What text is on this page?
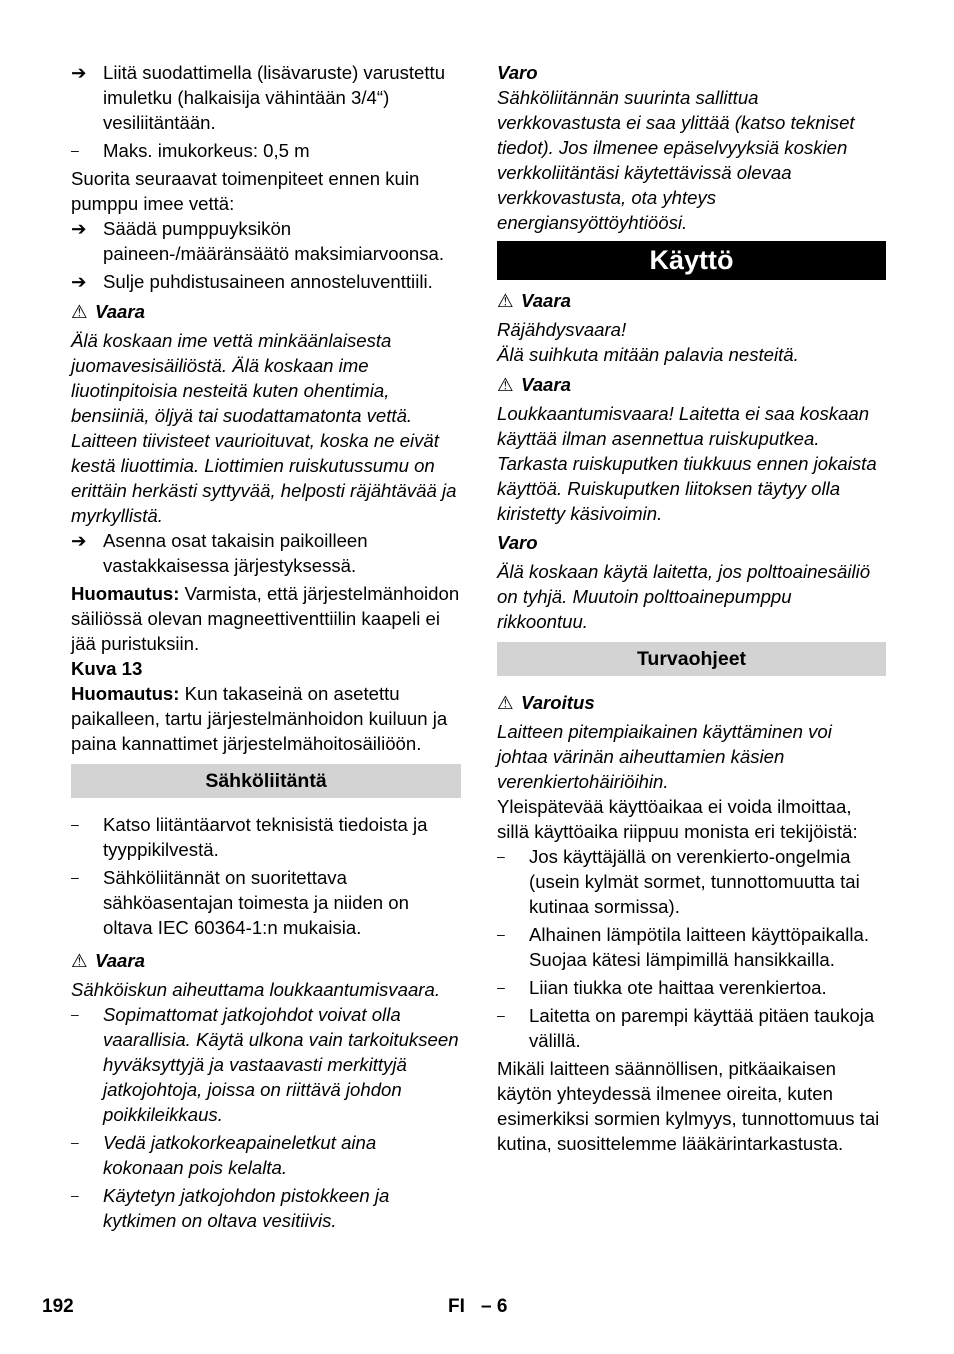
➔ Liitä suodattimella (lisävaruste) varustettu imuletku (halkaisija vähintään 3/4“) vesiliitäntään.
–	Maks. imukorkeus: 0,5 m

Suorita seuraavat toimenpiteet ennen kuin pumppu imee vettä:

➔ Säädä pumppuyksikön paineen-/määränsäätö maksimiarvoonsa.
➔ Sulje puhdistusaineen annosteluventtiili.
⚠ Vaara

Älä koskaan ime vettä minkäänlaisesta juomavesisäiliöstä. Älä koskaan ime liuotinpitoisia nesteitä kuten ohentimia, bensiiniä, öljyä tai suodattamatonta vettä. Laitteen tiivisteet vaurioituvat, koska ne eivät kestä liuottimia. Liottimien ruiskutussumu on erittäin herkästi syttyvää, helposti räjähtävää ja myrkyllistä.

➔ Asenna osat takaisin paikoilleen vastakkaisessa järjestyksessä.

Huomautus: Varmista, että järjestelmänhoidon säiliössä olevan magneettiventtiilin kaapeli ei jää puristuksiin.

Kuva 13

Huomautus: Kun takaseinä on asetettu paikalleen, tartu järjestelmänhoidon kuiluun ja paina kannattimet järjestelmähoitosäiliöön.

Sähköliitäntä
–	Katso liitäntäarvot teknisistä tiedoista ja tyyppikilvestä.
–	Sähköliitännät on suoritettava sähköasentajan toimesta ja niiden on oltava IEC 60364-1:n mukaisia.
⚠ Vaara

Sähköiskun aiheuttama loukkaantumisvaara.

–	Sopimattomat jatkojohdot voivat olla vaarallisia. Käytä ulkona vain tarkoitukseen hyväksyttyjä ja vastaavasti merkittyjä jatkojohtoja, joissa on riittävä johdon poikkileikkaus.
–	Vedä jatkokorkeapaineletkut aina kokonaan pois kelalta.
–	Käytetyn jatkojohdon pistokkeen ja kytkimen on oltava vesitiivis.

Varo

Sähköliitännän suurinta sallittua verkkovastusta ei saa ylittää (katso tekniset tiedot). Jos ilmenee epäselvyyksiä koskien verkkoliitäntäsi käytettävissä olevaa verkkovastusta, ota yhteys energiansyöttöyhtiöösi.

Käyttö
⚠ Vaara

Räjähdysvaara!

Älä suihkuta mitään palavia nesteitä.

⚠ Vaara

Loukkaantumisvaara! Laitetta ei saa koskaan käyttää ilman asennettua ruiskuputkea. Tarkasta ruiskuputken tiukkuus ennen jokaista käyttöä. Ruiskuputken liitoksen täytyy olla kiristetty käsivoimin.

Varo

Älä koskaan käytä laitetta, jos polttoainesäiliö on tyhjä. Muutoin polttoainepumppu rikkoontuu.

Turvaohjeet
⚠ Varoitus

Laitteen pitempiaikainen käyttäminen voi johtaa värinän aiheuttamien käsien verenkiertohäiriöihin.

Yleispätevää käyttöaikaa ei voida ilmoittaa, sillä käyttöaika riippuu monista eri tekijöistä:

–	Jos käyttäjällä on verenkierto-ongelmia (usein kylmät sormet, tunnottomuutta tai kutinaa sormissa).
–	Alhainen lämpötila laitteen käyttöpaikalla. Suojaa kätesi lämpimillä hansikkailla.
–	Liian tiukka ote haittaa verenkiertoa.
–	Laitetta on parempi käyttää pitäen taukoja välillä.

Mikäli laitteen säännöllisen, pitkäaikaisen käytön yhteydessä ilmenee oireita, kuten esimerkiksi sormien kylmyys, tunnottomuus tai kutina, suosittelemme lääkärintarkastusta.

192	FI – 6
